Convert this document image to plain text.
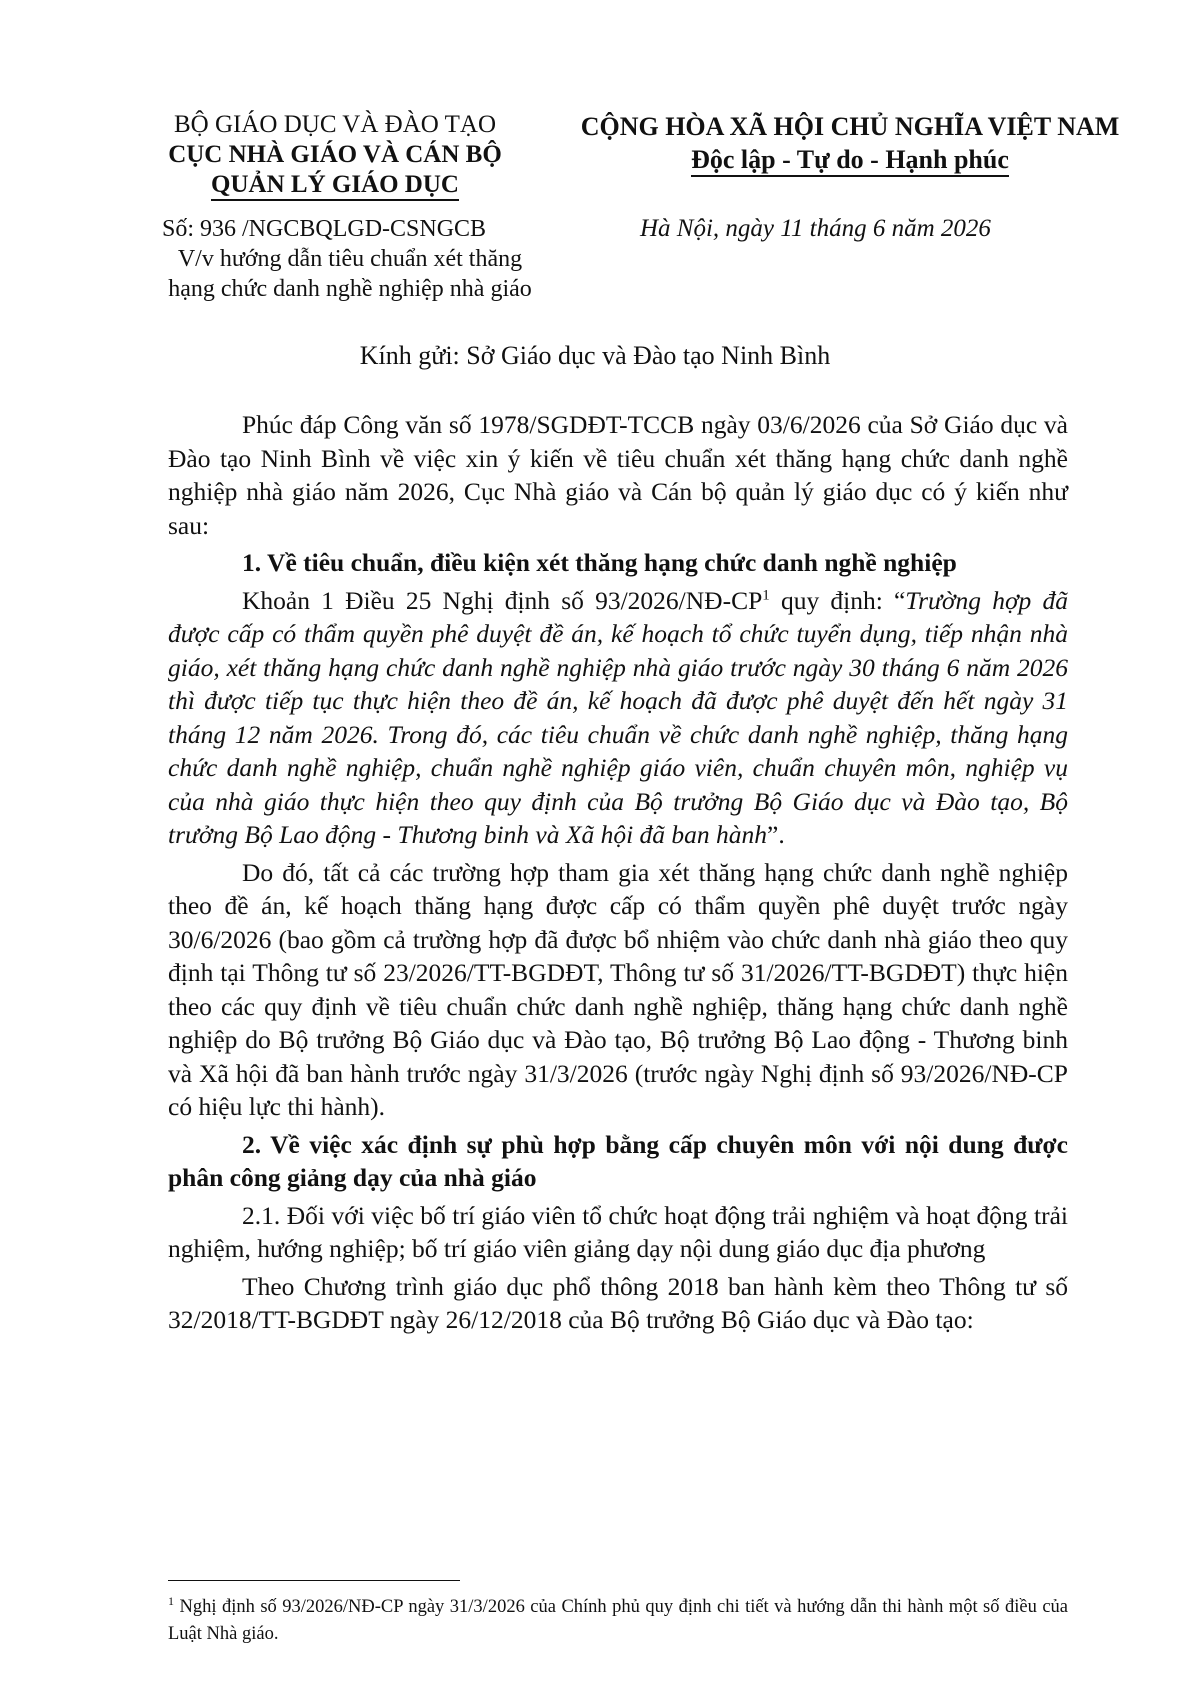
BỘ GIÁO DỤC VÀ ĐÀO TẠO
CỤC NHÀ GIÁO VÀ CÁN BỘ
QUẢN LÝ GIÁO DỤC
CỘNG HÒA XÃ HỘI CHỦ NGHĨA VIỆT NAM
Độc lập - Tự do - Hạnh phúc
Số: 936 /NGCBQLGD-CSNGCB
V/v hướng dẫn tiêu chuẩn xét thăng hạng chức danh nghề nghiệp nhà giáo
Hà Nội, ngày 11 tháng 6 năm 2026
Kính gửi: Sở Giáo dục và Đào tạo Ninh Bình

Phúc đáp Công văn số 1978/SGDĐT-TCCB ngày 03/6/2026 của Sở Giáo dục và Đào tạo Ninh Bình về việc xin ý kiến về tiêu chuẩn xét thăng hạng chức danh nghề nghiệp nhà giáo năm 2026, Cục Nhà giáo và Cán bộ quản lý giáo dục có ý kiến như sau:

1. Về tiêu chuẩn, điều kiện xét thăng hạng chức danh nghề nghiệp

Khoản 1 Điều 25 Nghị định số $93/2026/NĐ-CP^1$ quy định: “Trường hợp đã được cấp có thẩm quyền phê duyệt đề án, kế hoạch tổ chức tuyển dụng, tiếp nhận nhà giáo, xét thăng hạng chức danh nghề nghiệp nhà giáo trước ngày 30 tháng 6 năm 2026 thì được tiếp tục thực hiện theo đề án, kế hoạch đã được phê duyệt đến hết ngày 31 tháng 12 năm 2026. Trong đó, các tiêu chuẩn về chức danh nghề nghiệp, thăng hạng chức danh nghề nghiệp, chuẩn nghề nghiệp giáo viên, chuẩn chuyên môn, nghiệp vụ của nhà giáo thực hiện theo quy định của Bộ trưởng Bộ Giáo dục và Đào tạo, Bộ trưởng Bộ Lao động - Thương binh và Xã hội đã ban hành”.

Do đó, tất cả các trường hợp tham gia xét thăng hạng chức danh nghề nghiệp theo đề án, kế hoạch thăng hạng được cấp có thẩm quyền phê duyệt trước ngày 30/6/2026 (bao gồm cả trường hợp đã được bổ nhiệm vào chức danh nhà giáo theo quy định tại Thông tư số 23/2026/TT-BGDĐT, Thông tư số 31/2026/TT-BGDĐT) thực hiện theo các quy định về tiêu chuẩn chức danh nghề nghiệp, thăng hạng chức danh nghề nghiệp do Bộ trưởng Bộ Giáo dục và Đào tạo, Bộ trưởng Bộ Lao động - Thương binh và Xã hội đã ban hành trước ngày 31/3/2026 (trước ngày Nghị định số 93/2026/NĐ-CP có hiệu lực thi hành).

2. Về việc xác định sự phù hợp bằng cấp chuyên môn với nội dung được phân công giảng dạy của nhà giáo

2.1. Đối với việc bố trí giáo viên tổ chức hoạt động trải nghiệm và hoạt động trải nghiệm, hướng nghiệp; bố trí giáo viên giảng dạy nội dung giáo dục địa phương

Theo Chương trình giáo dục phổ thông 2018 ban hành kèm theo Thông tư số 32/2018/TT-BGDĐT ngày 26/12/2018 của Bộ trưởng Bộ Giáo dục và Đào tạo:

$^1$ Nghị định số 93/2026/NĐ-CP ngày 31/3/2026 của Chính phủ quy định chi tiết và hướng dẫn thi hành một số điều của Luật Nhà giáo.
